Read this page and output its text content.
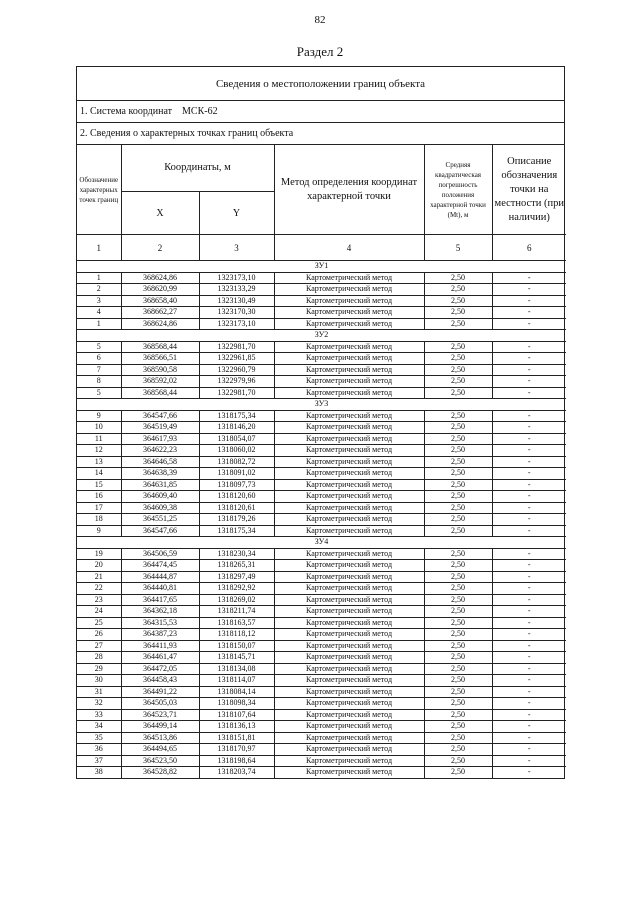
82
Раздел 2
Сведения о местоположении границ объекта
1. Система координат МСК-62
2. Сведения о характерных точках границ объекта
Обозначение характерных точек границ	Координаты, м		Метод определения координат характерной точки	Средняя квадратическая погрешность положения характерной точки (Мt), м	Описание обозначения точки на местности (при наличии)
	X	Y			
1	2	3	4	5	6
ЗУ1					
1	368624,86	1323173,10	Картометрический метод	2,50	-
2	368620,99	1323133,29	Картометрический метод	2,50	-
3	368658,40	1323130,49	Картометрический метод	2,50	-
4	368662,27	1323170,30	Картометрический метод	2,50	-
1	368624,86	1323173,10	Картометрический метод	2,50	-
ЗУ2					
5	368568,44	1322981,70	Картометрический метод	2,50	-
6	368566,51	1322961,85	Картометрический метод	2,50	-
7	368590,58	1322960,79	Картометрический метод	2,50	-
8	368592,02	1322979,96	Картометрический метод	2,50	-
5	368568,44	1322981,70	Картометрический метод	2,50	-
ЗУ3					
9	364547,66	1318175,34	Картометрический метод	2,50	-
10	364519,49	1318146,20	Картометрический метод	2,50	-
11	364617,93	1318054,07	Картометрический метод	2,50	-
12	364622,23	1318060,02	Картометрический метод	2,50	-
13	364646,58	1318082,72	Картометрический метод	2,50	-
14	364638,39	1318091,02	Картометрический метод	2,50	-
15	364631,85	1318097,73	Картометрический метод	2,50	-
16	364609,40	1318120,60	Картометрический метод	2,50	-
17	364609,38	1318120,61	Картометрический метод	2,50	-
18	364551,25	1318179,26	Картометрический метод	2,50	-
9	364547,66	1318175,34	Картометрический метод	2,50	-
ЗУ4					
19	364506,59	1318230,34	Картометрический метод	2,50	-
20	364474,45	1318265,31	Картометрический метод	2,50	-
21	364444,87	1318297,49	Картометрический метод	2,50	-
22	364440,81	1318292,92	Картометрический метод	2,50	-
23	364417,65	1318269,02	Картометрический метод	2,50	-
24	364362,18	1318211,74	Картометрический метод	2,50	-
25	364315,53	1318163,57	Картометрический метод	2,50	-
26	364387,23	1318118,12	Картометрический метод	2,50	-
27	364411,93	1318150,07	Картометрический метод	2,50	-
28	364461,47	1318145,71	Картометрический метод	2,50	-
29	364472,05	1318134,08	Картометрический метод	2,50	-
30	364458,43	1318114,07	Картометрический метод	2,50	-
31	364491,22	1318084,14	Картометрический метод	2,50	-
32	364505,03	1318098,34	Картометрический метод	2,50	-
33	364523,71	1318107,64	Картометрический метод	2,50	-
34	364499,14	1318136,13	Картометрический метод	2,50	-
35	364513,86	1318151,81	Картометрический метод	2,50	-
36	364494,65	1318170,97	Картометрический метод	2,50	-
37	364523,50	1318198,64	Картометрический метод	2,50	-
38	364528,82	1318203,74	Картометрический метод	2,50	-
